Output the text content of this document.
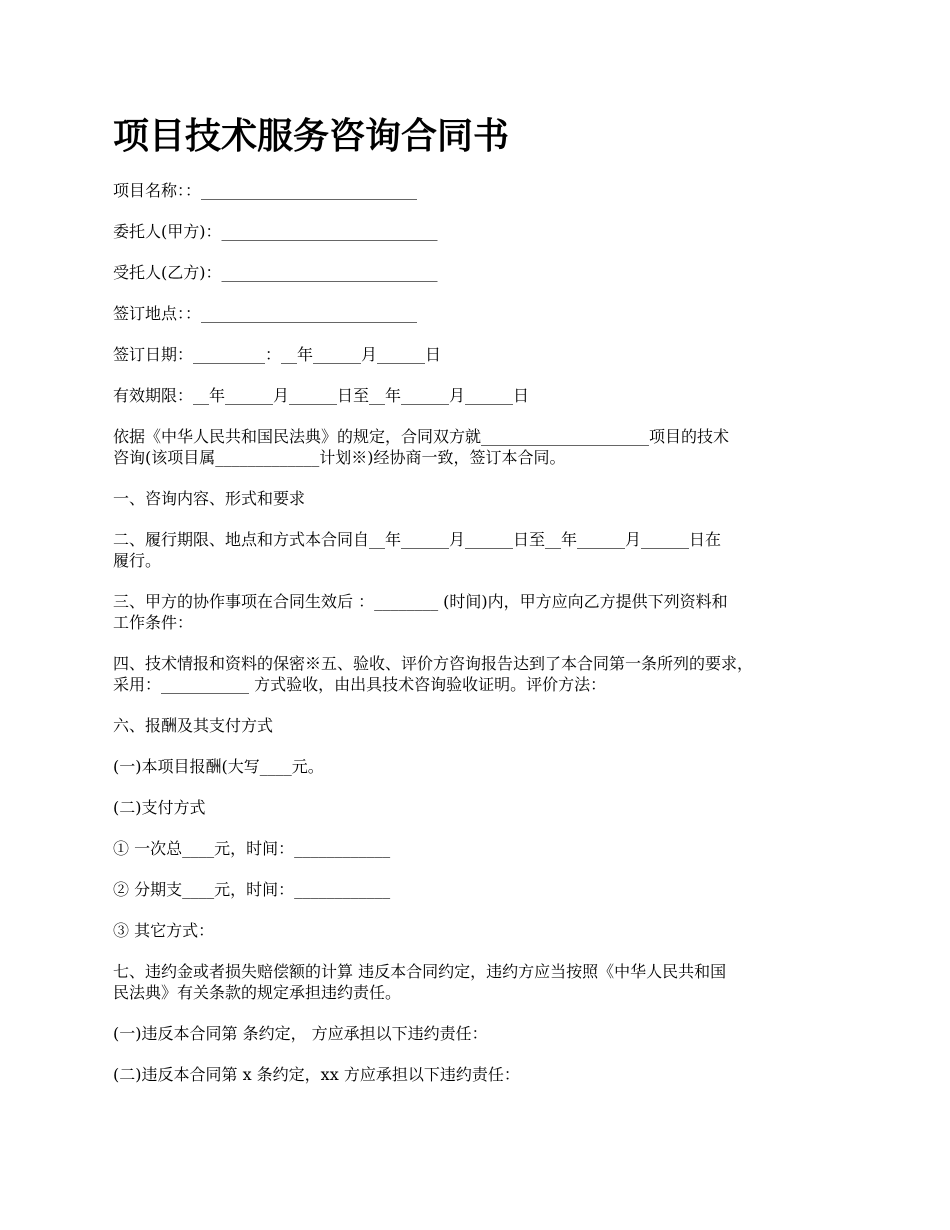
项目技术服务咨询合同书
项目名称：：___________________________
委托人(甲方)：___________________________
受托人(乙方)：___________________________
签订地点：：___________________________
签订日期：_________：__年______月______日
有效期限：__年______月______日至__年______月______日
依据《中华人民共和国民法典》的规定，合同双方就_____________________项目的技术
咨询(该项目属_____________计划※)经协商一致，签订本合同。
一、咨询内容、形式和要求
二、履行期限、地点和方式本合同自__年______月______日至__年______月______日在
履行。
三、甲方的协作事项在合同生效后 ：________ (时间)内，甲方应向乙方提供下列资料和
工作条件：
四、技术情报和资料的保密※五、验收、评价方咨询报告达到了本合同第一条所列的要求，
采用：___________ 方式验收，由出具技术咨询验收证明。评价方法：
六、报酬及其支付方式
(一)本项目报酬(大写____元。
(二)支付方式
① 一次总____元，时间：____________
② 分期支____元，时间：____________
③ 其它方式：
七、违约金或者损失赔偿额的计算 违反本合同约定，违约方应当按照《中华人民共和国
民法典》有关条款的规定承担违约责任。
(一)违反本合同第 条约定， 方应承担以下违约责任：
(二)违反本合同第 x 条约定，xx 方应承担以下违约责任：
